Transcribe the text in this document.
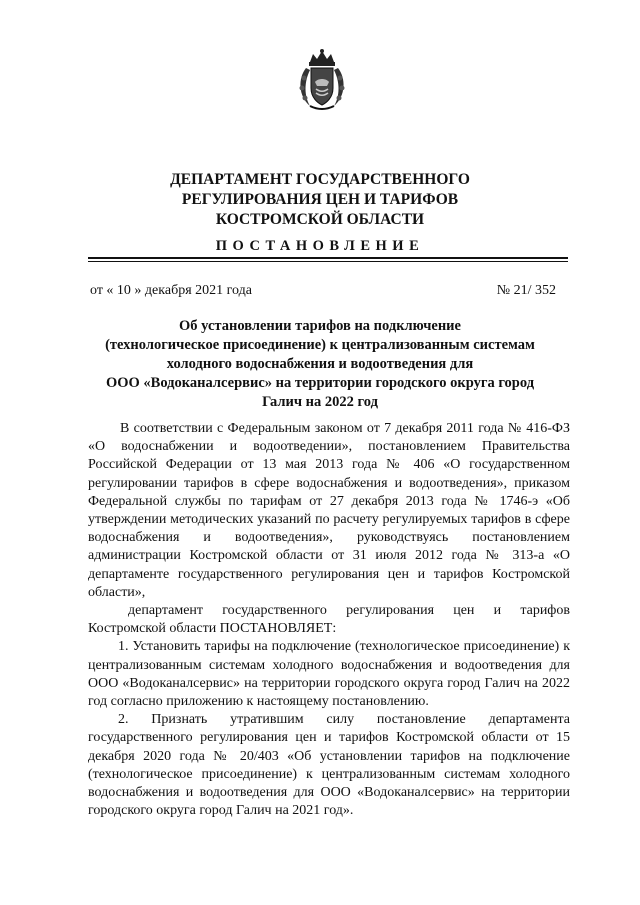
ДЕПАРТАМЕНТ ГОСУДАРСТВЕННОГО
РЕГУЛИРОВАНИЯ ЦЕН И ТАРИФОВ
КОСТРОМСКОЙ ОБЛАСТИ
ПОСТАНОВЛЕНИЕ
от « 10 » декабря 2021 года	№ 21/ 352
Об установлении тарифов на подключение
(технологическое присоединение) к централизованным системам
холодного водоснабжения и водоотведения для
ООО «Водоканалсервис» на территории городского округа город
Галич на 2022 год

В соответствии с Федеральным законом от 7 декабря 2011 года № 416-ФЗ «О водоснабжении и водоотведении», постановлением Правительства Российской Федерации от 13 мая 2013 года № 406 «О государственном регулировании тарифов в сфере водоснабжения и водоотведения», приказом Федеральной службы по тарифам от 27 декабря 2013 года № 1746-э «Об утверждении методических указаний по расчету регулируемых тарифов в сфере водоснабжения и водоотведения», руководствуясь постановлением администрации Костромской области от 31 июля 2012 года № 313-а «О департаменте государственного регулирования цен и тарифов Костромской области»,

департамент государственного регулирования цен и тарифов Костромской области ПОСТАНОВЛЯЕТ:

1. Установить тарифы на подключение (технологическое присоединение) к централизованным системам холодного водоснабжения и водоотведения для ООО «Водоканалсервис» на территории городского округа город Галич на 2022 год согласно приложению к настоящему постановлению.

2. Признать утратившим силу постановление департамента государственного регулирования цен и тарифов Костромской области от 15 декабря 2020 года № 20/403 «Об установлении тарифов на подключение (технологическое присоединение) к централизованным системам холодного водоснабжения и водоотведения для ООО «Водоканалсервис» на территории городского округа город Галич на 2021 год».
